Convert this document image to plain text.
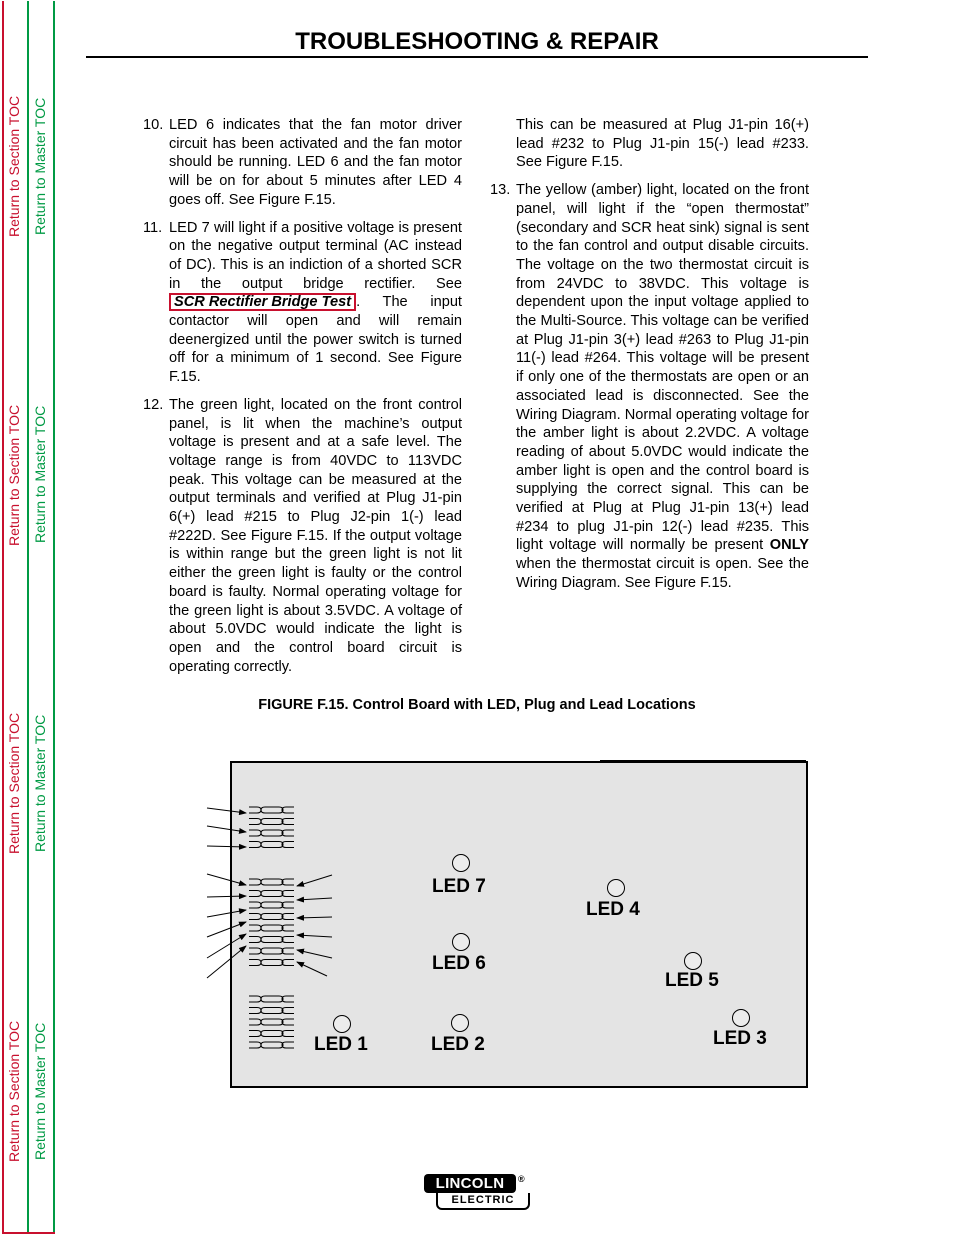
Return to Section TOC Return to Master TOC
Return to Section TOC Return to Master TOC
Return to Section TOC Return to Master TOC
Return to Section TOC Return to Master TOC
TROUBLESHOOTING & REPAIR
10. LED 6 indicates that the fan motor driver circuit has been activated and the fan motor should be running. LED 6 and the fan motor will be on for about 5 minutes after LED 4 goes off. See Figure F.15.
11. LED 7 will light if a positive voltage is present on the negative output terminal (AC instead of DC). This is an indiction of a shorted SCR in the output bridge rectifier. See SCR Rectifier Bridge Test . The input contactor will open and will remain deenergized until the power switch is turned off for a minimum of 1 second. See Figure F.15.
12. The green light, located on the front control panel, is lit when the machine’s output voltage is present and at a safe level. The voltage range is from 40VDC to 113VDC peak. This voltage can be measured at the output terminals and verified at Plug J1-pin 6(+) lead #215 to Plug J2-pin 1(-) lead #222D. See Figure F.15. If the output voltage is within range but the green light is not lit either the green light is faulty or the control board is faulty. Normal operating voltage for the green light is about 3.5VDC. A voltage of about 5.0VDC would indicate the light is open and the control board circuit is operating correctly.
This can be measured at Plug J1-pin 16(+) lead #232 to Plug J1-pin 15(-) lead #233. See Figure F.15.
13. The yellow (amber) light, located on the front panel, will light if the “open thermostat” (secondary and SCR heat sink) signal is sent to the fan control and output disable circuits. The voltage on the two thermostat circuit is from 24VDC to 38VDC. This voltage is dependent upon the input voltage applied to the Multi-Source. This voltage can be verified at Plug J1-pin 3(+) lead #263 to Plug J1-pin 11(-) lead #264. This voltage will be present if only one of the thermostats are open or an associated lead is disconnected. See the Wiring Diagram. Normal operating voltage for the amber light is about 2.2VDC. A voltage reading of about 5.0VDC would indicate the amber light is open and the control board is supplying the correct signal. This can be verified at Plug at Plug J1-pin 13(+) lead #234 to plug J1-pin 12(-) lead #235. This light voltage will normally be present ONLY when the thermostat circuit is open. See the Wiring Diagram. See Figure F.15.
FIGURE F.15. Control Board with LED, Plug and Lead Locations
LED 7
LED 4
LED 6
LED 5
LED 1	LED 2	LED 3
LINCOLN	®
ELECTRIC
